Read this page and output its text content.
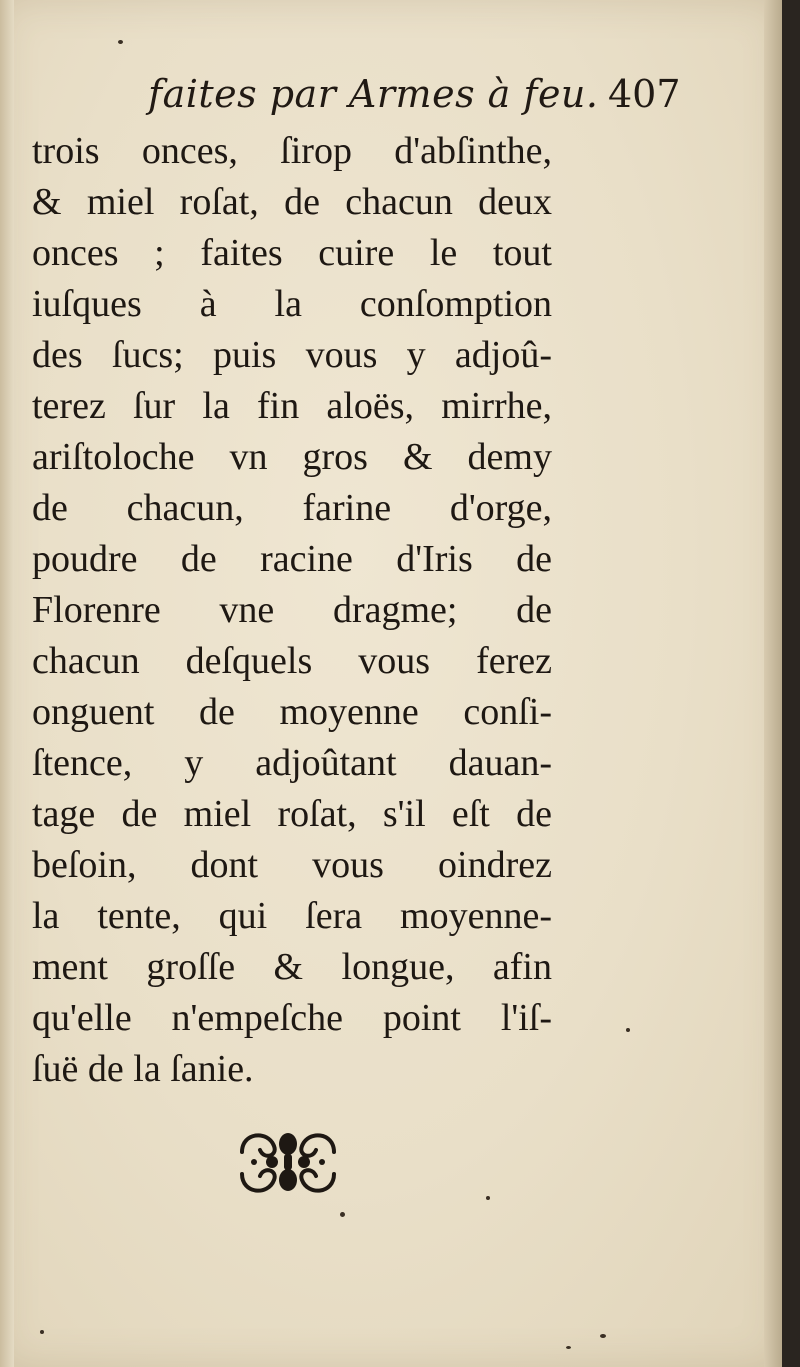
faites par Armes à feu. 407
trois onces, ſirop d'abſinthe,
& miel roſat, de chacun deux
onces ; faites cuire le tout
iuſques à la conſomption
des ſucs; puis vous y adjoû-
terez ſur la fin aloës, mirrhe,
ariſtoloche vn gros & demy
de chacun, farine d'orge,
poudre de racine d'Iris de
Florenre vne dragme; de
chacun deſquels vous ferez
onguent de moyenne conſi-
ſtence, y adjoûtant dauan-
tage de miel roſat, s'il eſt de
beſoin, dont vous oindrez
la tente, qui ſera moyenne-
ment groſſe & longue, afin
qu'elle n'empeſche point l'iſ-
ſuë de la ſanie.
